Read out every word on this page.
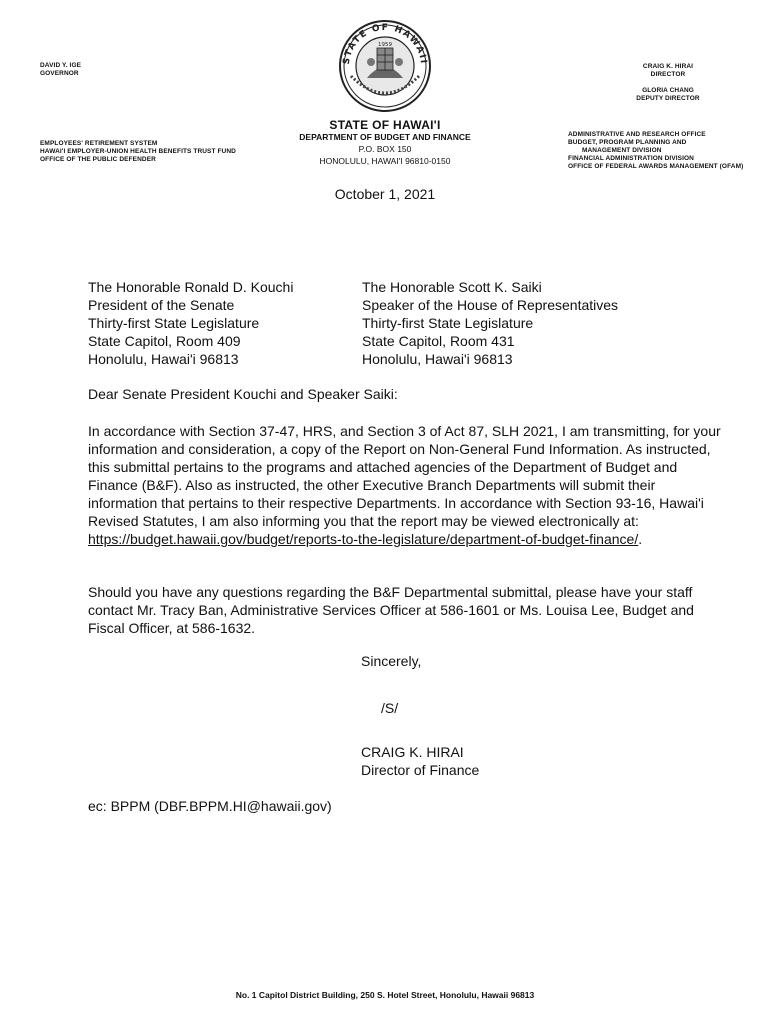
DAVID Y. IGE
GOVERNOR
CRAIG K. HIRAI
DIRECTOR
GLORIA CHANG
DEPUTY DIRECTOR
EMPLOYEES' RETIREMENT SYSTEM
HAWAI'I EMPLOYER-UNION HEALTH BENEFITS TRUST FUND
OFFICE OF THE PUBLIC DEFENDER
ADMINISTRATIVE AND RESEARCH OFFICE
BUDGET, PROGRAM PLANNING AND
MANAGEMENT DIVISION
FINANCIAL ADMINISTRATION DIVISION
OFFICE OF FEDERAL AWARDS MANAGEMENT (OFAM)
STATE OF HAWAII
1959
STATE OF HAWAI'I
DEPARTMENT OF BUDGET AND FINANCE
P.O. BOX 150
HONOLULU, HAWAI'I 96810-0150
October 1, 2021
The Honorable Ronald D. Kouchi
President of the Senate
Thirty-first State Legislature
State Capitol, Room 409
Honolulu, Hawai'i 96813
The Honorable Scott K. Saiki
Speaker of the House of Representatives
Thirty-first State Legislature
State Capitol, Room 431
Honolulu, Hawai'i 96813
Dear Senate President Kouchi and Speaker Saiki:
In accordance with Section 37-47, HRS, and Section 3 of Act 87, SLH 2021, I am transmitting, for your information and consideration, a copy of the Report on Non-General Fund Information. As instructed, this submittal pertains to the programs and attached agencies of the Department of Budget and Finance (B&F). Also as instructed, the other Executive Branch Departments will submit their information that pertains to their respective Departments. In accordance with Section 93-16, Hawai'i Revised Statutes, I am also informing you that the report may be viewed electronically at: https://budget.hawaii.gov/budget/reports-to-the-legislature/department-of-budget-finance/.
Should you have any questions regarding the B&F Departmental submittal, please have your staff contact Mr. Tracy Ban, Administrative Services Officer at 586-1601 or Ms. Louisa Lee, Budget and Fiscal Officer, at 586-1632.
Sincerely,
/S/
CRAIG K. HIRAI
Director of Finance
ec: BPPM (DBF.BPPM.HI@hawaii.gov)
No. 1 Capitol District Building, 250 S. Hotel Street, Honolulu, Hawaii 96813
